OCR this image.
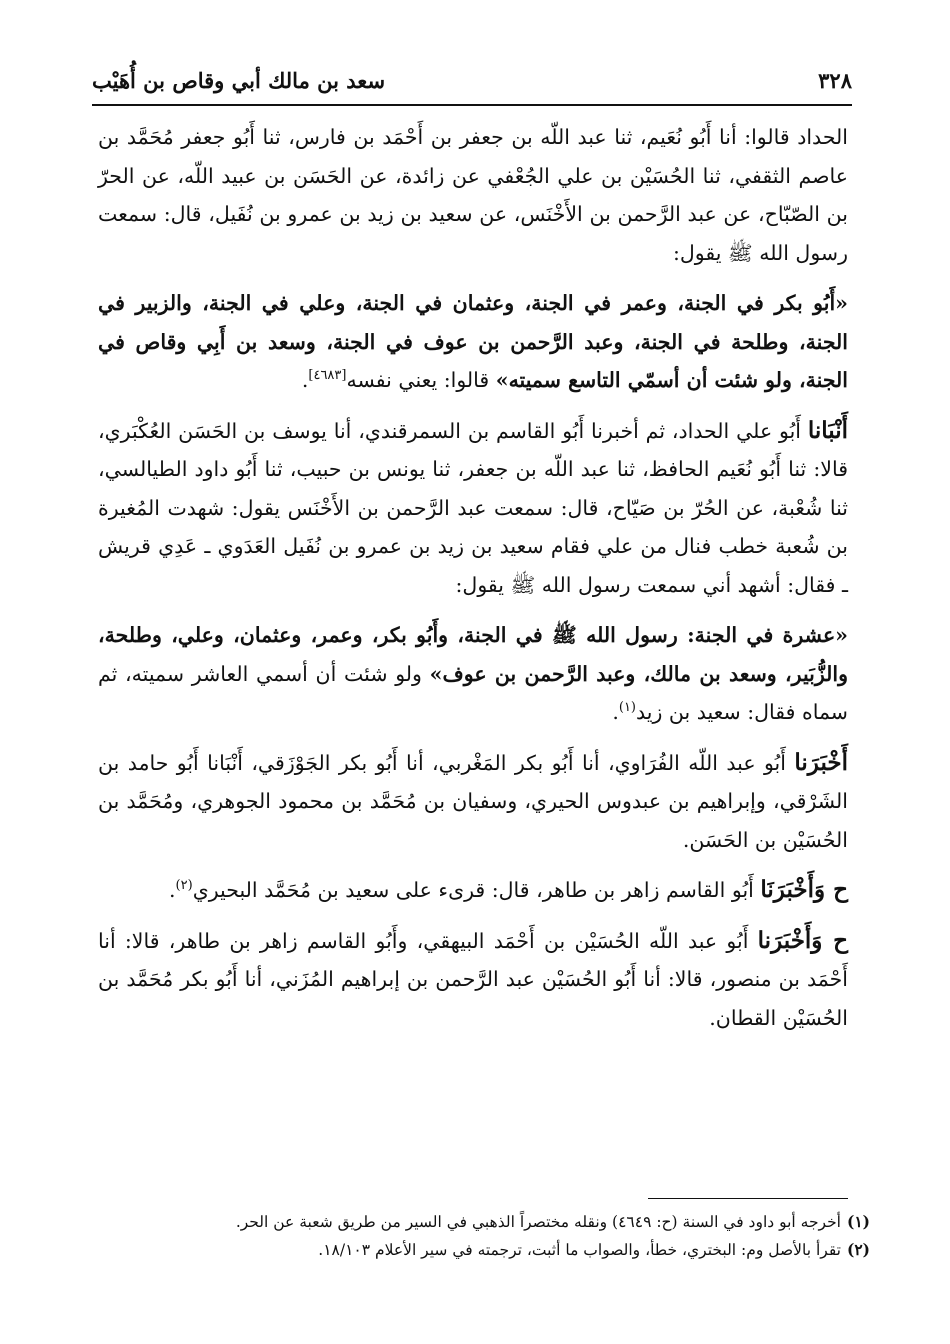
٣٢٨
سعد بن مالك أبي وقاص بن أُهَيْب

الحداد قالوا: أنا أَبُو نُعَيم، ثنا عبد اللّه بن جعفر بن أَحْمَد بن فارس، ثنا أَبُو جعفر مُحَمَّد بن عاصم الثقفي، ثنا الحُسَيْن بن علي الجُعْفي عن زائدة، عن الحَسَن بن عبيد اللّه، عن الحرّ بن الصّبّاح، عن عبد الرَّحمن بن الأَخْنَس، عن سعيد بن زيد بن عمرو بن نُفَيل، قال: سمعت رسول الله ﷺ يقول:

«أَبُو بكر في الجنة، وعمر في الجنة، وعثمان في الجنة، وعلي في الجنة، والزبير في الجنة، وطلحة في الجنة، وعبد الرَّحمن بن عوف في الجنة، وسعد بن أَبِي وقاص في الجنة، ولو شئت أن أسمّي التاسع سميته» قالوا: يعني نفسه[٤٦٨٣].

أَنْبَانا أَبُو علي الحداد، ثم أخبرنا أَبُو القاسم بن السمرقندي، أنا يوسف بن الحَسَن العُكْبَري، قالا: ثنا أَبُو نُعَيم الحافظ، ثنا عبد اللّه بن جعفر، ثنا يونس بن حبيب، ثنا أَبُو داود الطيالسي، ثنا شُعْبة، عن الحُرّ بن صَيّاح، قال: سمعت عبد الرَّحمن بن الأَخْنَس يقول: شهدت المُغيرة بن شُعبة خطب فنال من علي فقام سعيد بن زيد بن عمرو بن نُفَيل العَدَوي ـ عَدِي قريش ـ فقال: أشهد أني سمعت رسول الله ﷺ يقول:

«عشرة في الجنة: رسول الله ﷺ في الجنة، وأَبُو بكر، وعمر، وعثمان، وعلي، وطلحة، والزُّبَير، وسعد بن مالك، وعبد الرَّحمن بن عوف» ولو شئت أن أسمي العاشر سميته، ثم سماه فقال: سعيد بن زيد$^{(١)}$.

أَخْبَرَنا أَبُو عبد اللّه الفُرَاوي، أنا أَبُو بكر المَغْربي، أنا أَبُو بكر الجَوْزَقي، أَنْبَانا أَبُو حامد بن الشَرْقي، وإبراهيم بن عبدوس الحيري، وسفيان بن مُحَمَّد بن محمود الجوهري، ومُحَمَّد بن الحُسَيْن بن الحَسَن.

ح وَأَخْبَرَنَا أَبُو القاسم زاهر بن طاهر، قال: قرىء على سعيد بن مُحَمَّد البحيري$^{(٢)}$.

ح وَأَخْبَرَنا أَبُو عبد اللّه الحُسَيْن بن أَحْمَد البيهقي، وأَبُو القاسم زاهر بن طاهر، قالا: أنا أَحْمَد بن منصور، قالا: أنا أَبُو الحُسَيْن عبد الرَّحمن بن إبراهيم المُزَني، أنا أَبُو بكر مُحَمَّد بن الحُسَيْن القطان.

(١)أخرجه أبو داود في السنة (ح: ٤٦٤٩) ونقله مختصراً الذهبي في السير من طريق شعبة عن الحر.
(٢)تقرأ بالأصل وم: البختري، خطأ، والصواب ما أثبت، ترجمته في سير الأعلام ١٨/١٠٣.
